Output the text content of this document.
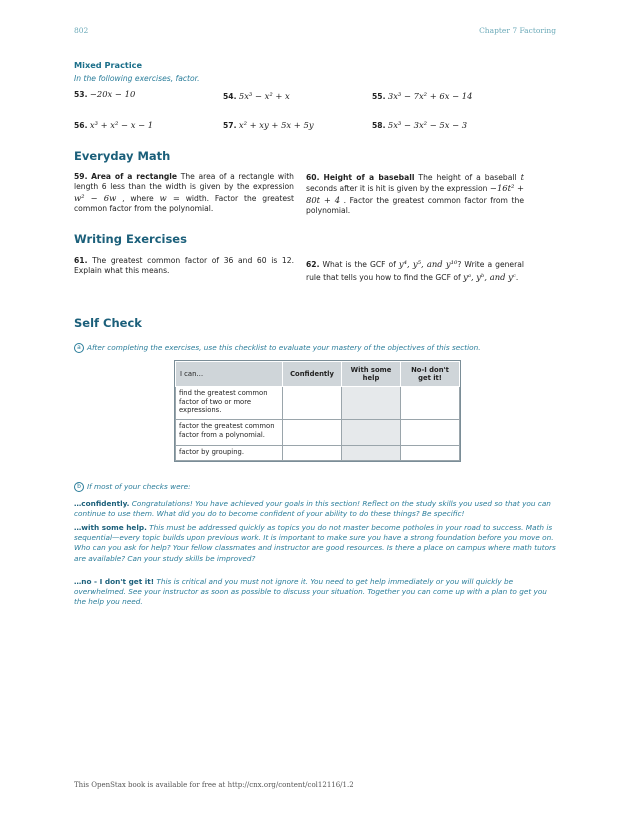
802	Chapter 7 Factoring
Mixed Practice
In the following exercises, factor.
53. −20x − 10	54. 5x³ − x² + x	55. 3x³ − 7x² + 6x − 14
56. x³ + x² − x − 1	57. x² + xy + 5x + 5y	58. 5x³ − 3x² − 5x − 3
Everyday Math
59. Area of a rectangle The area of a rectangle with length 6 less than the width is given by the expression w² − 6w , where w = width. Factor the greatest common factor from the polynomial.
60. Height of a baseball The height of a baseball t seconds after it is hit is given by the expression −16t² + 80t + 4 . Factor the greatest common factor from the polynomial.
Writing Exercises
61. The greatest common factor of 36 and 60 is 12. Explain what this means.
62. What is the GCF of y⁴, y⁵, and y¹⁰? Write a general rule that tells you how to find the GCF of yᵃ, yᵇ, and yᶜ.
Self Check
a After completing the exercises, use this checklist to evaluate your mastery of the objectives of this section.
I can…	Confidently	With some help	No-I don't get it!
find the greatest common factor of two or more expressions.			
factor the greatest common factor from a polynomial.			
factor by grouping.			
b If most of your checks were:
…confidently. Congratulations! You have achieved your goals in this section! Reflect on the study skills you used so that you can continue to use them. What did you do to become confident of your ability to do these things? Be specific!
…with some help. This must be addressed quickly as topics you do not master become potholes in your road to success. Math is sequential—every topic builds upon previous work. It is important to make sure you have a strong foundation before you move on. Who can you ask for help? Your fellow classmates and instructor are good resources. Is there a place on campus where math tutors are available? Can your study skills be improved?
…no - I don't get it! This is critical and you must not ignore it. You need to get help immediately or you will quickly be overwhelmed. See your instructor as soon as possible to discuss your situation. Together you can come up with a plan to get you the help you need.
This OpenStax book is available for free at http://cnx.org/content/col12116/1.2
